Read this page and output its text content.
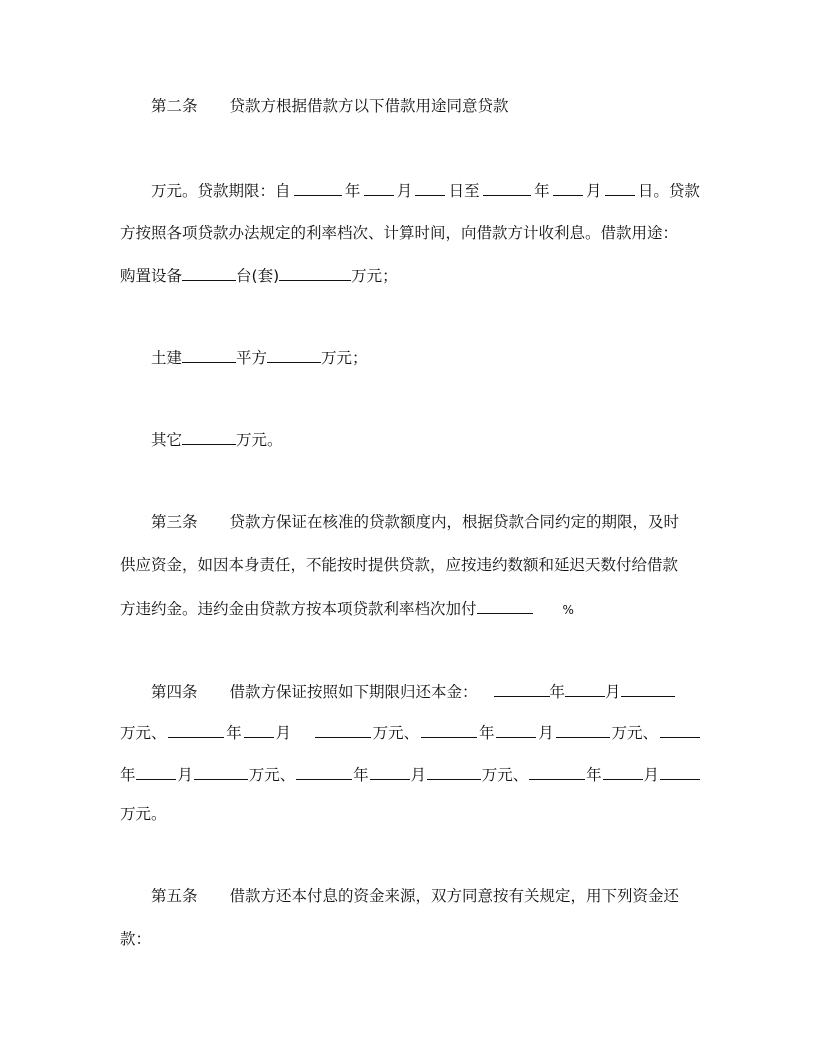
第二条 贷款方根据借款方以下借款用途同意贷款
万元。贷款期限：自	年 月 日至	年 月 日。贷款
方按照各项贷款办法规定的利率档次、计算时间，向借款方计收利息。借款用途：
购置设备	台(套)	万元；
土建	平方	万元；
其它	万元。
第三条 贷款方保证在核准的贷款额度内，根据贷款合同约定的期限，及时
供应资金，如因本身责任，不能按时提供贷款，应按违约数额和延迟天数付给借款
方违约金。违约金由贷款方按本项贷款利率档次加付	%
第四条 借款方保证按照如下期限归还本金：	年	月
万元、	年 月	万元、	年	月	万元、
年	月	万元、	年	月	万元、	年	月
万元。
第五条 借款方还本付息的资金来源，双方同意按有关规定，用下列资金还
款：
